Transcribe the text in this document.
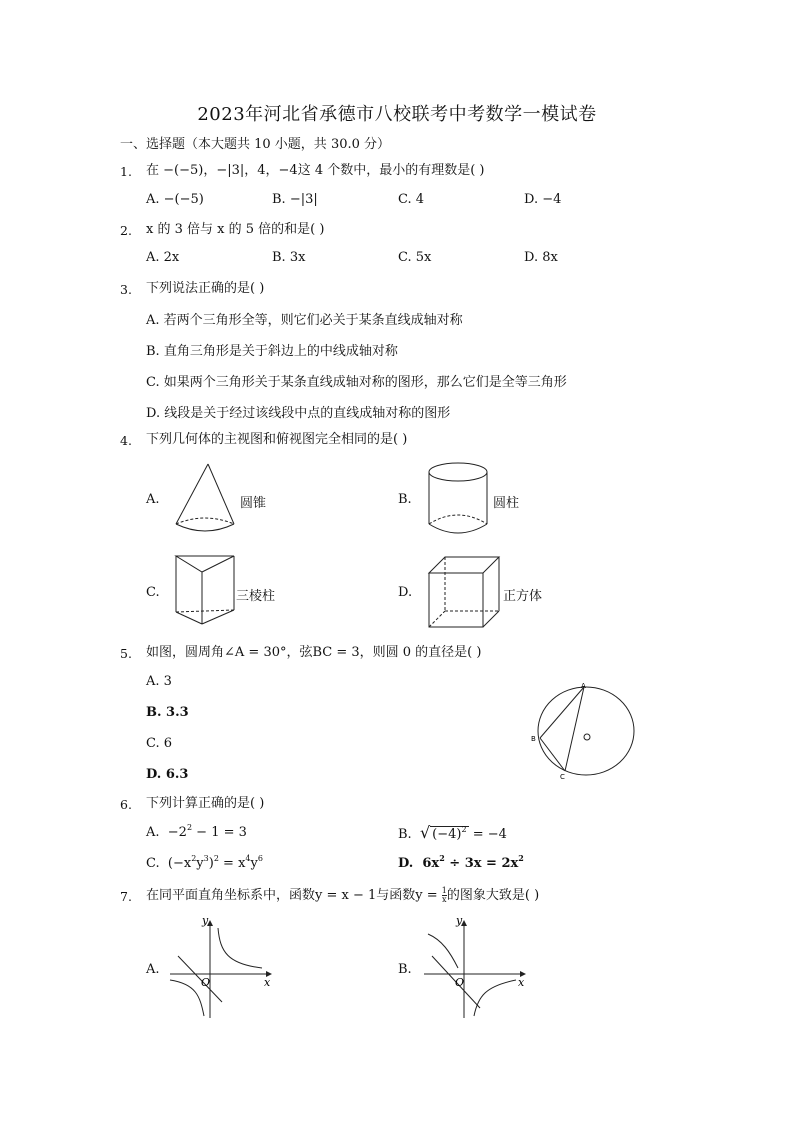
2023年河北省承德市八校联考中考数学一模试卷
一、选择题（本大题共 10 小题，共 30.0 分）
1. 在 −(−5)，−|3|，4，−4这 4 个数中，最小的有理数是( )
A. −(−5)	B. −|3|	C. 4	D. −4
2. x 的 3 倍与 x 的 5 倍的和是( )
A. 2x	B. 3x	C. 5x	D. 8x
3. 下列说法正确的是( )
A. 若两个三角形全等，则它们必关于某条直线成轴对称
B. 直角三角形是关于斜边上的中线成轴对称
C. 如果两个三角形关于某条直线成轴对称的图形，那么它们是全等三角形
D. 线段是关于经过该线段中点的直线成轴对称的图形
4. 下列几何体的主视图和俯视图完全相同的是( )
A.	圆锥	B.	圆柱
C.	三棱柱	D.	正方体
5. 如图，圆周角∠A = 30°，弦BC = 3，则圆 0 的直径是( )
A. 3
B. 3.3
C. 6
D. 6.3
A
B
C
6. 下列计算正确的是( )
A.  $-2^2 - 1 = 3$	B.  √ $(-4)^2 = -4$
C.  $(-x^2y^3)^2 = x^4y^6$	D.  $6x^2 \div 3x = 2x^2$
7. 在同平面直角坐标系中，函数y = x − 1与函数$y = \frac{1}{x}$ 的图象大致是( )
A.
y
x
O
B.
y
x
O
